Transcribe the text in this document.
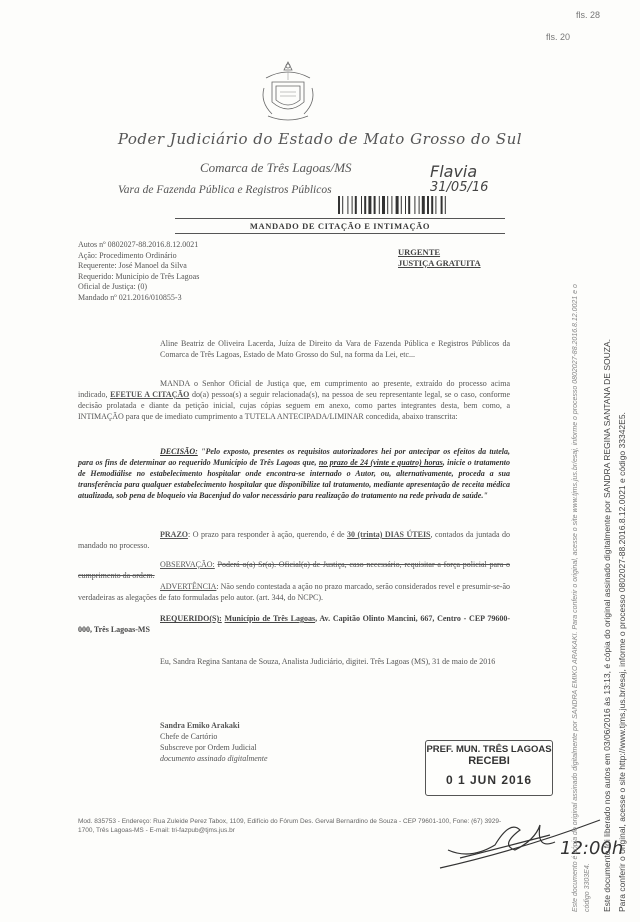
fls. 28
fls. 20
Poder Judiciário do Estado de Mato Grosso do Sul
Comarca de Três Lagoas/MS
Vara de Fazenda Pública e Registros Públicos
Flavia
31/05/16
MANDADO DE CITAÇÃO E INTIMAÇÃO
Autos nº 0802027-88.2016.8.12.0021
Ação: Procedimento Ordinário
Requerente: José Manoel da Silva
Requerido: Município de Três Lagoas
Oficial de Justiça: (0)
Mandado nº 021.2016/010855-3
URGENTE
JUSTIÇA GRATUITA
Aline Beatriz de Oliveira Lacerda, Juíza de Direito da Vara de Fazenda Pública e Registros Públicos da Comarca de Três Lagoas, Estado de Mato Grosso do Sul, na forma da Lei, etc...
MANDA o Senhor Oficial de Justiça que, em cumprimento ao presente, extraído do processo acima indicado, EFETUE A CITAÇÃO do(a) pessoa(s) a seguir relacionada(s), na pessoa de seu representante legal, se o caso, conforme decisão prolatada e diante da petição inicial, cujas cópias seguem em anexo, como partes integrantes desta, bem como, a INTIMAÇÃO para que de imediato cumprimento a TUTELA ANTECIPADA/LIMINAR concedida, abaixo transcrita:
DECISÃO: "Pelo exposto, presentes os requisitos autorizadores hei por antecipar os efeitos da tutela, para os fins de determinar ao requerido Município de Três Lagoas que, no prazo de 24 (vinte e quatro) horas, inicie o tratamento de Hemodiálise no estabelecimento hospitalar onde encontra-se internado o Autor, ou, alternativamente, proceda a sua transferência para qualquer estabelecimento hospitalar que disponibilize tal tratamento, mediante apresentação de receita médica atualizada, sob pena de bloqueio via Bacenjud do valor necessário para realização do tratamento na rede privada de saúde."
PRAZO: O prazo para responder à ação, querendo, é de 30 (trinta) DIAS ÚTEIS, contados da juntada do mandado no processo.
OBSERVAÇÃO: Poderá o(a) Sr(a). Oficial(a) de Justiça, caso necessário, requisitar a força policial para o cumprimento da ordem.
ADVERTÊNCIA: Não sendo contestada a ação no prazo marcado, serão considerados revel e presumir-se-ão verdadeiras as alegações de fato formuladas pelo autor. (art. 344, do NCPC).
REQUERIDO(S): Município de Três Lagoas, Av. Capitão Olinto Mancini, 667, Centro - CEP 79600-000, Três Lagoas-MS
Eu, Sandra Regina Santana de Souza, Analista Judiciário, digitei. Três Lagoas (MS), 31 de maio de 2016
Sandra Emiko Arakaki
Chefe de Cartório
Subscreve por Ordem Judicial
documento assinado digitalmente
PREF. MUN. TRÊS LAGOAS
RECEBI
0 1 JUN 2016
12:00h
Mod. 835753 - Endereço: Rua Zuleide Perez Tabox, 1109, Edifício do Fórum Des. Gerval Bernardino de Souza - CEP 79601-100, Fone: (67) 3929-1700, Três Lagoas-MS - E-mail: tri-fazpub@tjms.jus.br	Este documento é cópia do original assinado digitalmente por SANDRA EMIKO ARAKAKI. Para conferir o original, acesse o site www.tjms.jus.br/esaj, informe o processo 0802027-88.2016.8.12.0021 e o código 3303E4. Este documento foi liberado nos autos em 03/06/2016 às 13:13, é cópia do original assinado digitalmente por SANDRA REGINA SANTANA DE SOUZA. Para conferir o original, acesse o site http://www.tjms.jus.br/esaj, informe o processo 0802027-88.2016.8.12.0021 e código 33342E5.
